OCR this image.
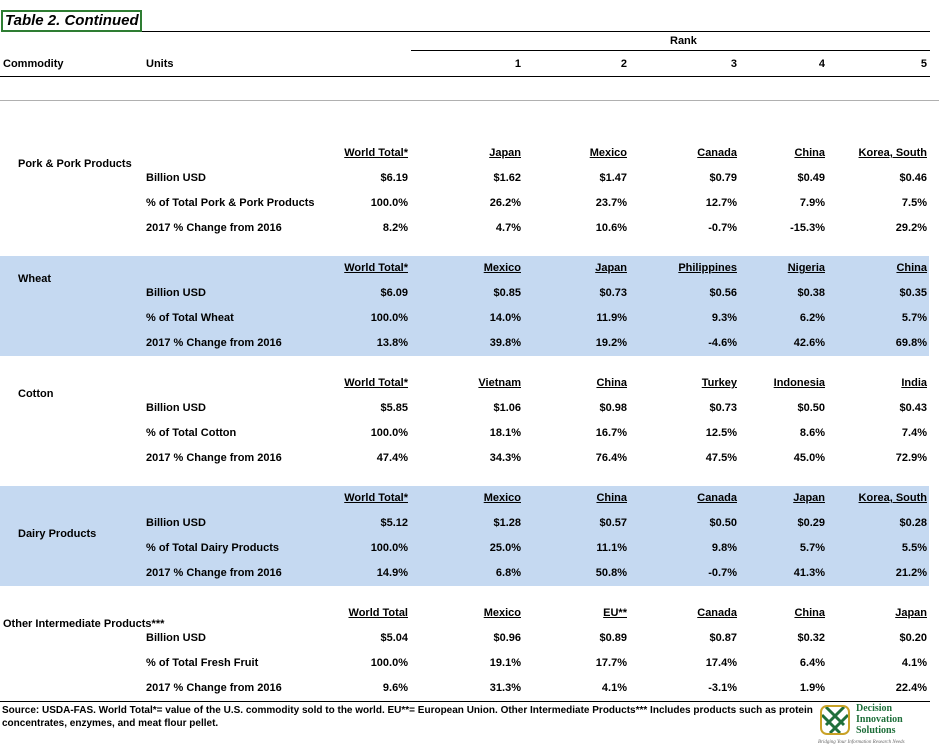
Table 2. Continued
Rank
Commodity	Units	1	2	3	4	5
Pork & Pork Products
World Total*	Japan	Mexico	Canada	China	Korea, South
Billion USD	$6.19	$1.62	$1.47	$0.79	$0.49	$0.46
% of Total Pork & Pork Products	100.0%	26.2%	23.7%	12.7%	7.9%	7.5%
2017 % Change from 2016	8.2%	4.7%	10.6%	-0.7%	-15.3%	29.2%
Wheat
World Total*	Mexico	Japan	Philippines	Nigeria	China
Billion USD	$6.09	$0.85	$0.73	$0.56	$0.38	$0.35
% of Total Wheat	100.0%	14.0%	11.9%	9.3%	6.2%	5.7%
2017 % Change from 2016	13.8%	39.8%	19.2%	-4.6%	42.6%	69.8%
Cotton
World Total*	Vietnam	China	Turkey	Indonesia	India
Billion USD	$5.85	$1.06	$0.98	$0.73	$0.50	$0.43
% of Total Cotton	100.0%	18.1%	16.7%	12.5%	8.6%	7.4%
2017 % Change from 2016	47.4%	34.3%	76.4%	47.5%	45.0%	72.9%
Dairy Products
World Total*	Mexico	China	Canada	Japan	Korea, South
Billion USD	$5.12	$1.28	$0.57	$0.50	$0.29	$0.28
% of Total Dairy Products	100.0%	25.0%	11.1%	9.8%	5.7%	5.5%
2017 % Change from 2016	14.9%	6.8%	50.8%	-0.7%	41.3%	21.2%
Other Intermediate Products***
World Total	Mexico	EU**	Canada	China	Japan
Billion USD	$5.04	$0.96	$0.89	$0.87	$0.32	$0.20
% of Total Fresh Fruit	100.0%	19.1%	17.7%	17.4%	6.4%	4.1%
2017 % Change from 2016	9.6%	31.3%	4.1%	-3.1%	1.9%	22.4%
Source: USDA-FAS. World Total*= value of the U.S. commodity sold to the world. EU**= European Union. Other Intermediate Products*** Includes products such as protein concentrates, enzymes, and meat flour pellet.
Decision
Innovation
Solutions
Bridging Your Information Research Needs
